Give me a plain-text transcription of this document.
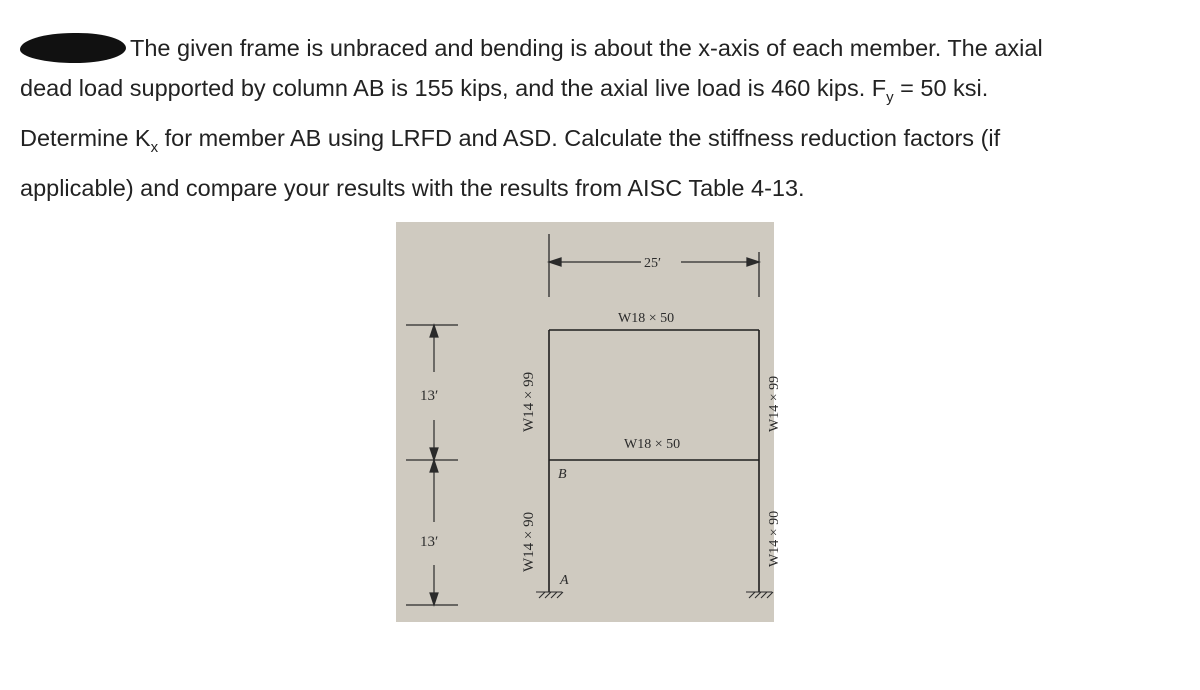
The given frame is unbraced and bending is about the x-axis of each member. The axial
dead load supported by column AB is 155 kips, and the axial live load is 460 kips. $F_y = 50$ ksi.
Determine $K_x$ for member AB using LRFD and ASD. Calculate the stiffness reduction factors (if
applicable) and compare your results with the results from AISC Table 4-13.
25′
13′
13′
W18 × 50
W18 × 50
W14 × 99
W14 × 90
W14 × 99
W14 × 90
B
A
